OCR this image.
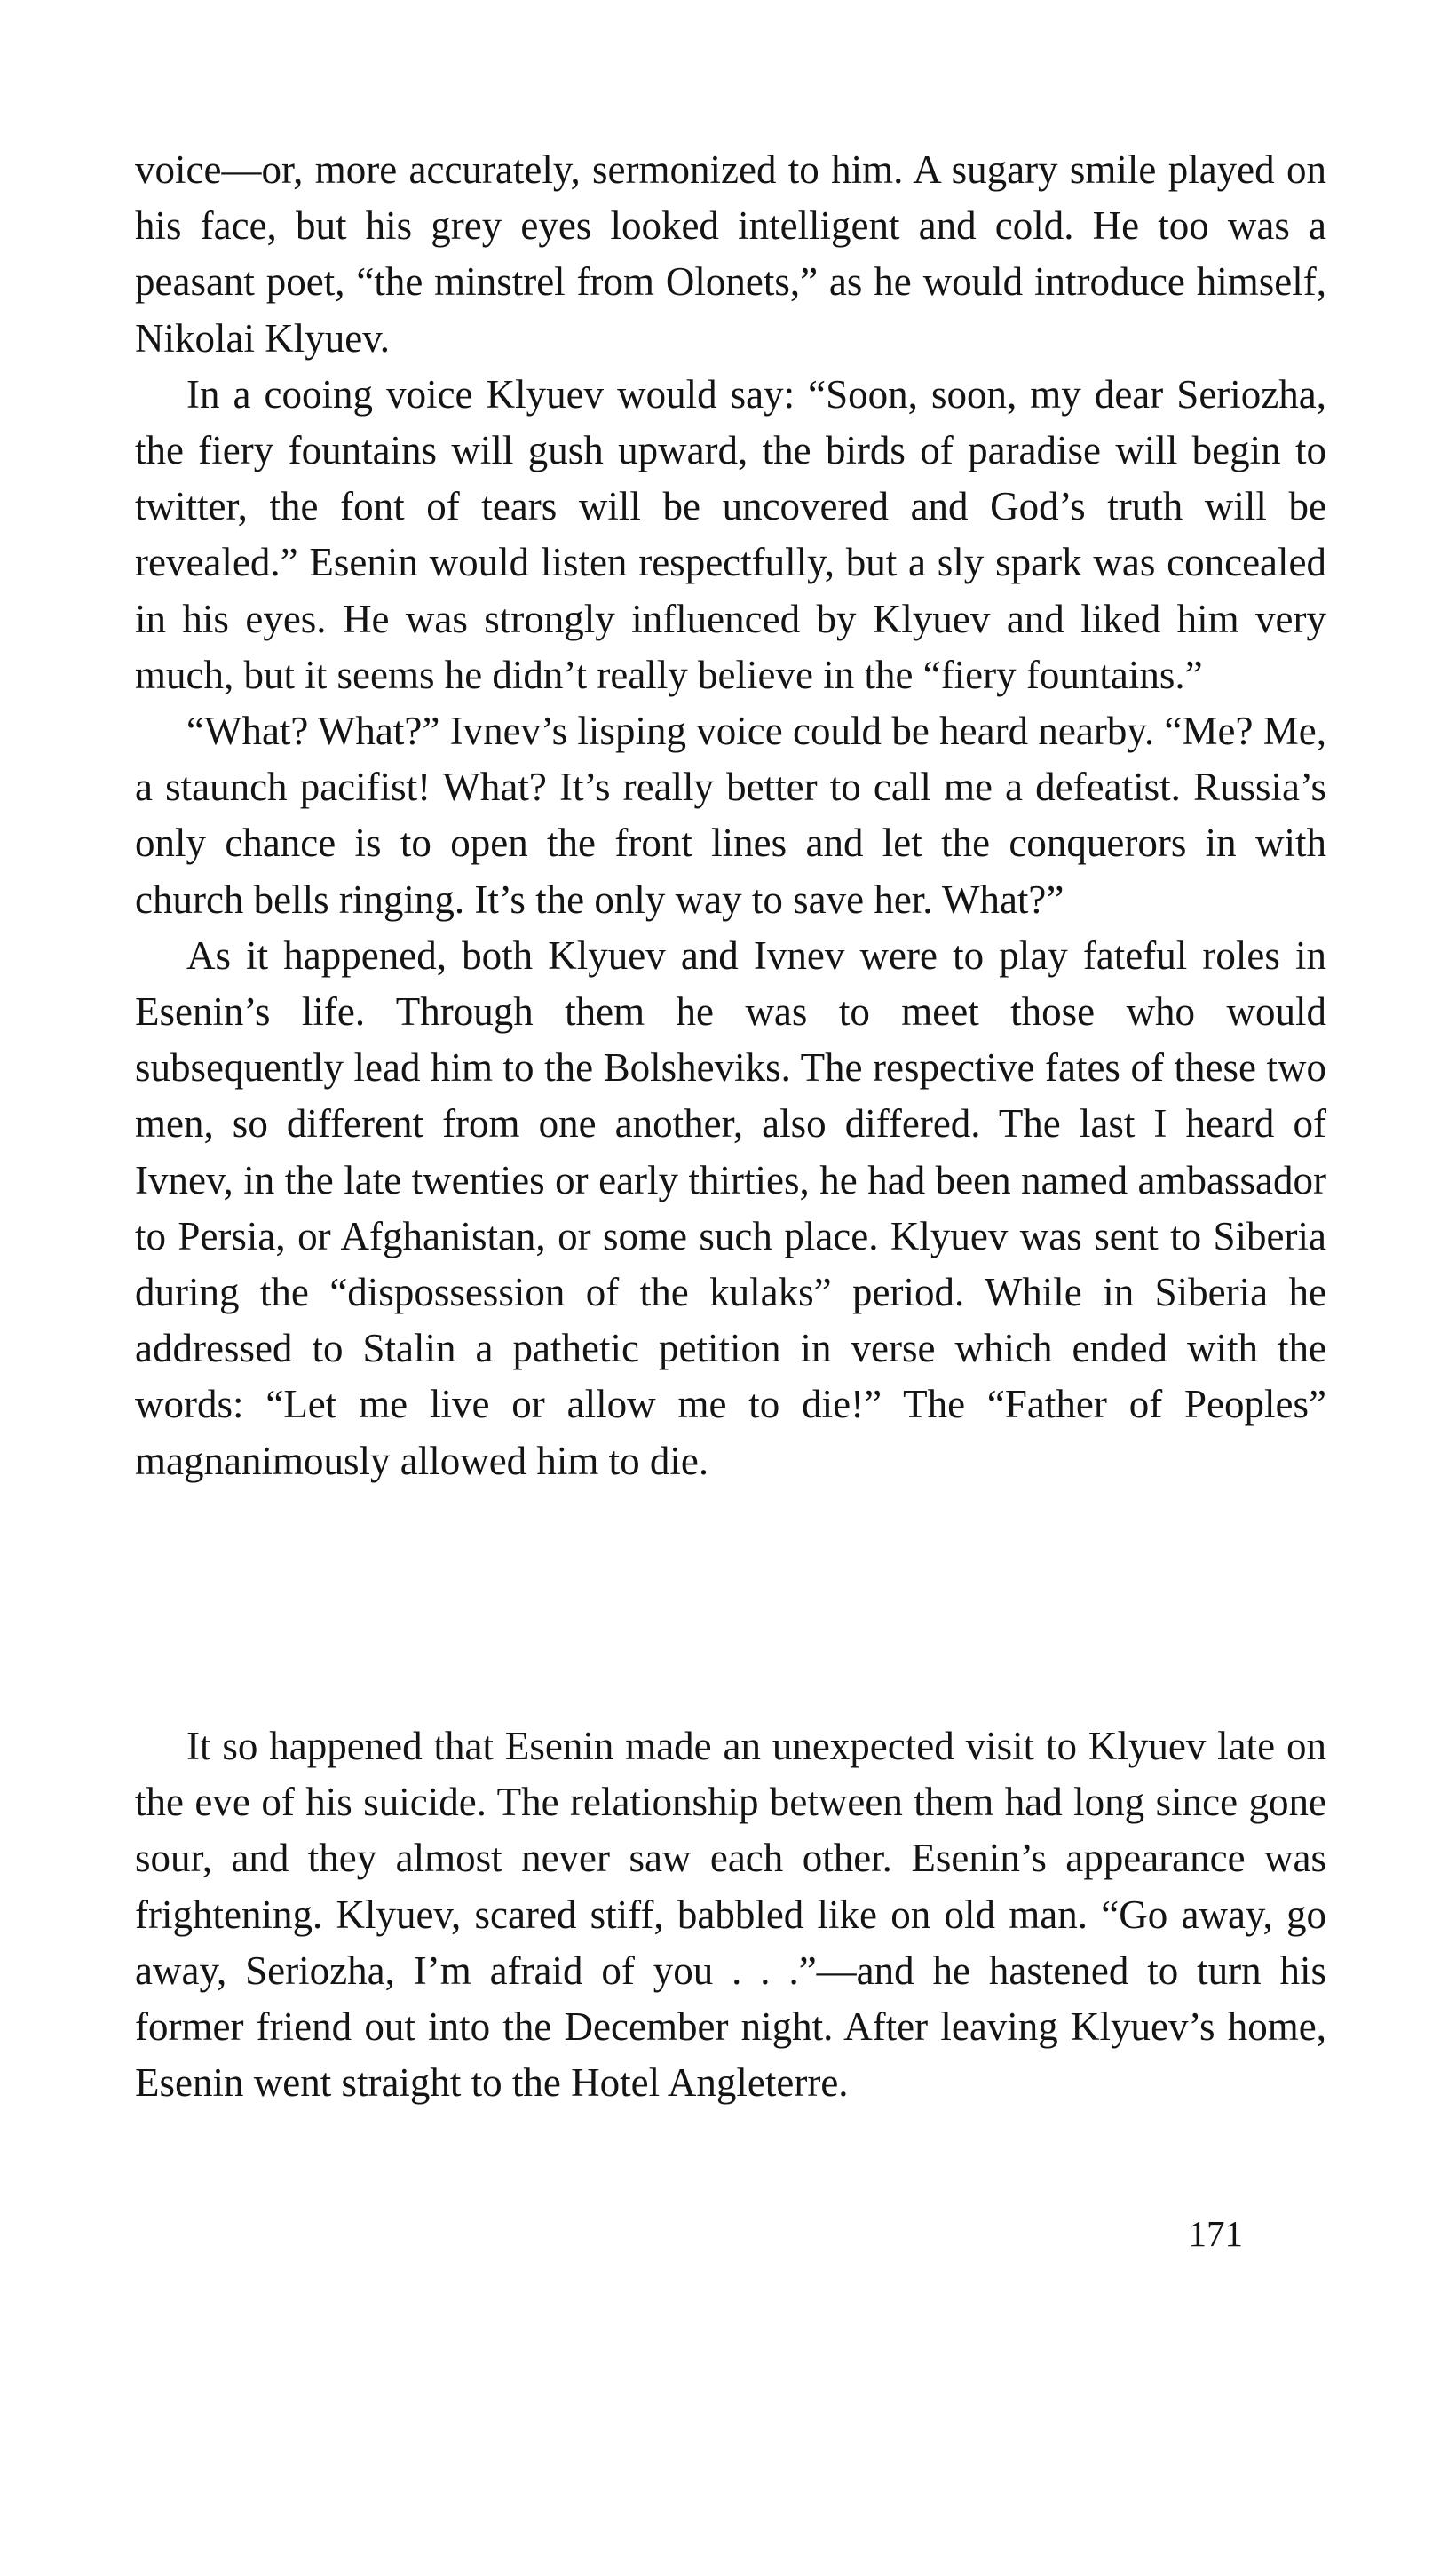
voice—or, more accurately, sermonized to him. A sugary smile played on his face, but his grey eyes looked intelligent and cold. He too was a peasant poet, “the minstrel from Olonets,” as he would introduce himself, Nikolai Klyuev.

In a cooing voice Klyuev would say: “Soon, soon, my dear Seriozha, the fiery fountains will gush upward, the birds of paradise will begin to twitter, the font of tears will be uncovered and God’s truth will be revealed.” Esenin would listen respectfully, but a sly spark was concealed in his eyes. He was strongly influenced by Klyuev and liked him very much, but it seems he didn’t really believe in the “fiery fountains.”

“What? What?” Ivnev’s lisping voice could be heard nearby. “Me? Me, a staunch pacifist! What? It’s really better to call me a defeatist. Russia’s only chance is to open the front lines and let the conquerors in with church bells ringing. It’s the only way to save her. What?”

As it happened, both Klyuev and Ivnev were to play fateful roles in Esenin’s life. Through them he was to meet those who would subsequently lead him to the Bolsheviks. The respective fates of these two men, so different from one another, also differed. The last I heard of Ivnev, in the late twenties or early thirties, he had been named ambassador to Persia, or Afghanistan, or some such place. Klyuev was sent to Siberia during the “dispossession of the kulaks” period. While in Siberia he addressed to Stalin a pathetic petition in verse which ended with the words: “Let me live or allow me to die!” The “Father of Peoples” magnanimously allowed him to die.

It so happened that Esenin made an unexpected visit to Klyuev late on the eve of his suicide. The relationship between them had long since gone sour, and they almost never saw each other. Esenin’s appearance was frightening. Klyuev, scared stiff, babbled like on old man. “Go away, go away, Seriozha, I’m afraid of you . . .”—and he hastened to turn his former friend out into the December night. After leaving Klyuev’s home, Esenin went straight to the Hotel Angleterre.

171
